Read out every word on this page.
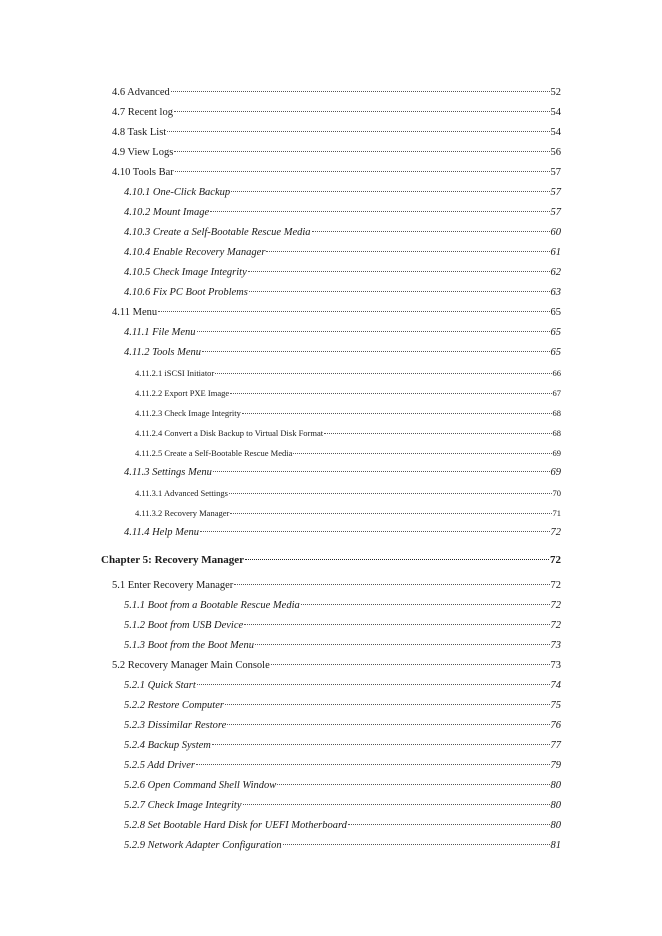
4.6 Advanced	52
4.7 Recent log	54
4.8 Task List	54
4.9 View Logs	56
4.10 Tools Bar	57
4.10.1 One-Click Backup	57
4.10.2 Mount Image	57
4.10.3 Create a Self-Bootable Rescue Media	60
4.10.4 Enable Recovery Manager	61
4.10.5 Check Image Integrity	62
4.10.6 Fix PC Boot Problems	63
4.11 Menu	65
4.11.1 File Menu	65
4.11.2 Tools Menu	65
4.11.2.1 iSCSI Initiator	66
4.11.2.2 Export PXE Image	67
4.11.2.3 Check Image Integrity	68
4.11.2.4 Convert a Disk Backup to Virtual Disk Format	68
4.11.2.5 Create a Self-Bootable Rescue Media	69
4.11.3 Settings Menu	69
4.11.3.1 Advanced Settings	70
4.11.3.2 Recovery Manager	71
4.11.4 Help Menu	72
Chapter 5: Recovery Manager	72
5.1 Enter Recovery Manager	72
5.1.1 Boot from a Bootable Rescue Media	72
5.1.2 Boot from USB Device	72
5.1.3 Boot from the Boot Menu	73
5.2 Recovery Manager Main Console	73
5.2.1 Quick Start	74
5.2.2 Restore Computer	75
5.2.3 Dissimilar Restore	76
5.2.4 Backup System	77
5.2.5 Add Driver	79
5.2.6 Open Command Shell Window	80
5.2.7 Check Image Integrity	80
5.2.8 Set Bootable Hard Disk for UEFI Motherboard	80
5.2.9 Network Adapter Configuration	81
